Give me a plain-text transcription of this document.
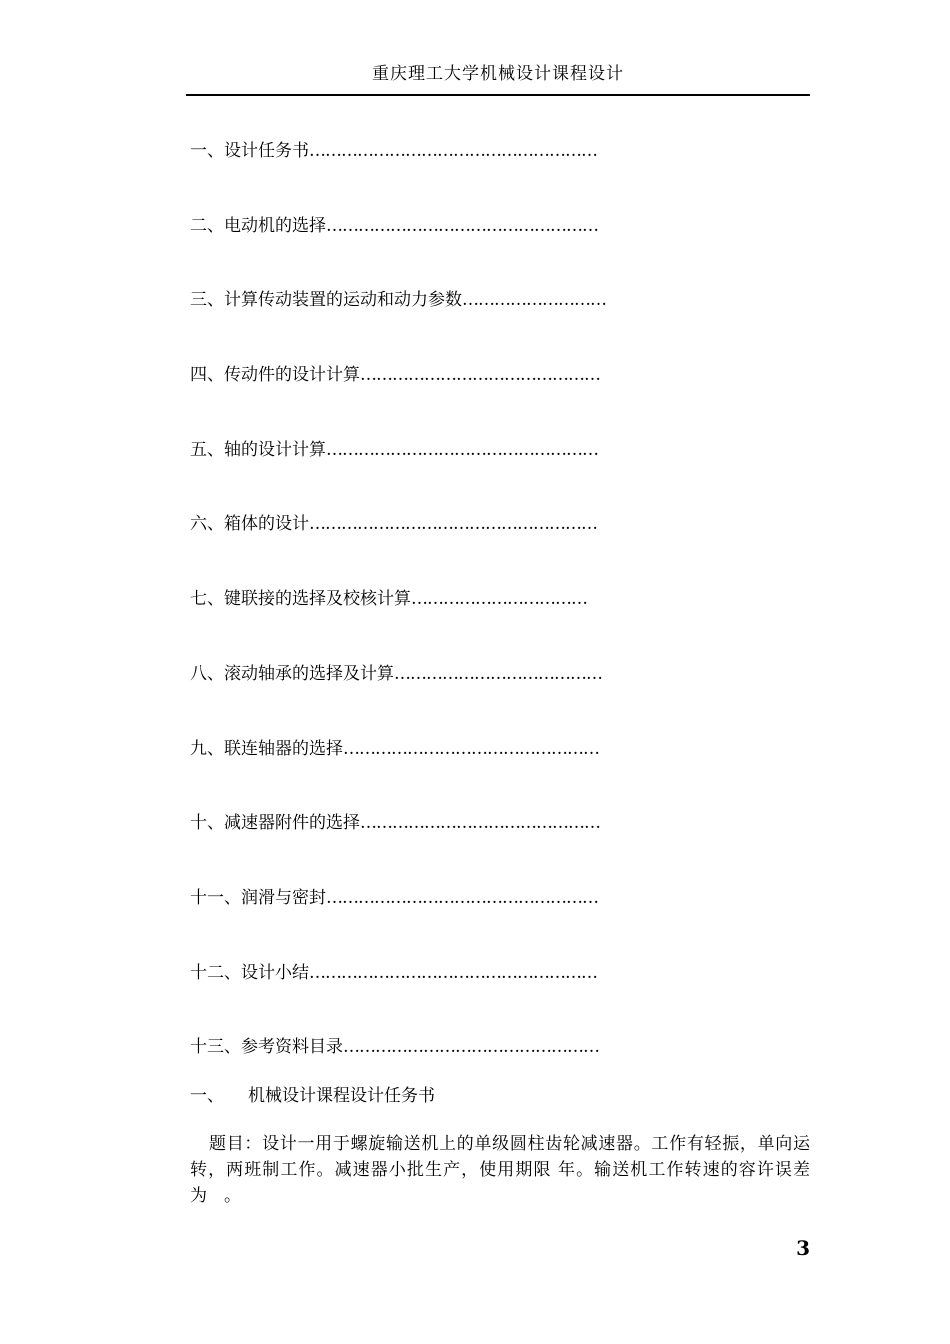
重庆理工大学机械设计课程设计
一、 设计任务书 ………………………………………………
二、 电动机的选择 ……………………………………………
三、 计算传动装置的运动和动力参数 ………………………
四、 传动件的设计计算 ………………………………………
五、 轴的设计计算 ……………………………………………
六、 箱体的设计 ………………………………………………
七、 键联接的选择及校核计算 ……………………………
八、 滚动轴承的选择及计算 …………………………………
九、 联连轴器的选择 …………………………………………
十、 减速器附件的选择 ………………………………………
十一、 润滑与密封 ……………………………………………
十二、 设计小结 ………………………………………………
十三、 参考资料目录 …………………………………………
一、 机械设计课程设计任务书

题目：设计一用于螺旋输送机上的单级圆柱齿轮减速器。工作有轻振，单向运转，两班制工作。减速器小批生产，使用期限 年。输送机工作转速的容许误差为　。

3
